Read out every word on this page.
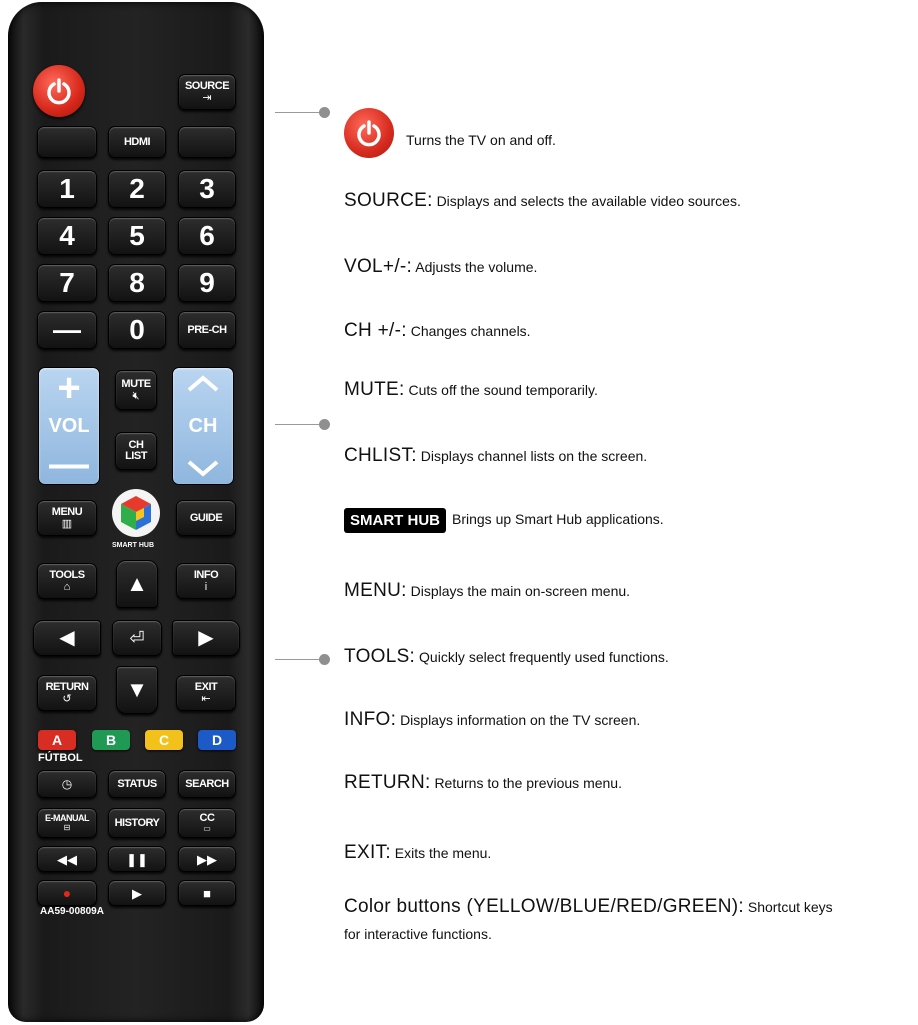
SOURCE
⇥
HDMI
1 2 3
4 5 6
7 8 9
— 0	PRE-CH
+
VOL
—
MUTE
🔇︎
CH
LIST
CH
MENU
▥
SMART HUB
GUIDE
TOOLS
⌂	▲	INFO
i
◀	⏎	▶
RETURN
↺ ▼	EXIT
⇤
A	B	C	D
FÚTBOL
◷	STATUS	SEARCH
E-MANUAL
⊟	HISTORY	CC
▭
◀◀	❚❚	▶▶
●	▶	■
AA59-00809A
Turns the TV on and off.
SOURCE: Displays and selects the available video sources.
VOL+/-: Adjusts the volume.
CH +/-: Changes channels.
MUTE: Cuts off the sound temporarily.
CHLIST: Displays channel lists on the screen.
SMART HUB Brings up Smart Hub applications.
MENU: Displays the main on-screen menu.
TOOLS: Quickly select frequently used functions.
INFO: Displays information on the TV screen.
RETURN: Returns to the previous menu.
EXIT: Exits the menu.
Color buttons (YELLOW/BLUE/RED/GREEN): Shortcut keys
for interactive functions.
